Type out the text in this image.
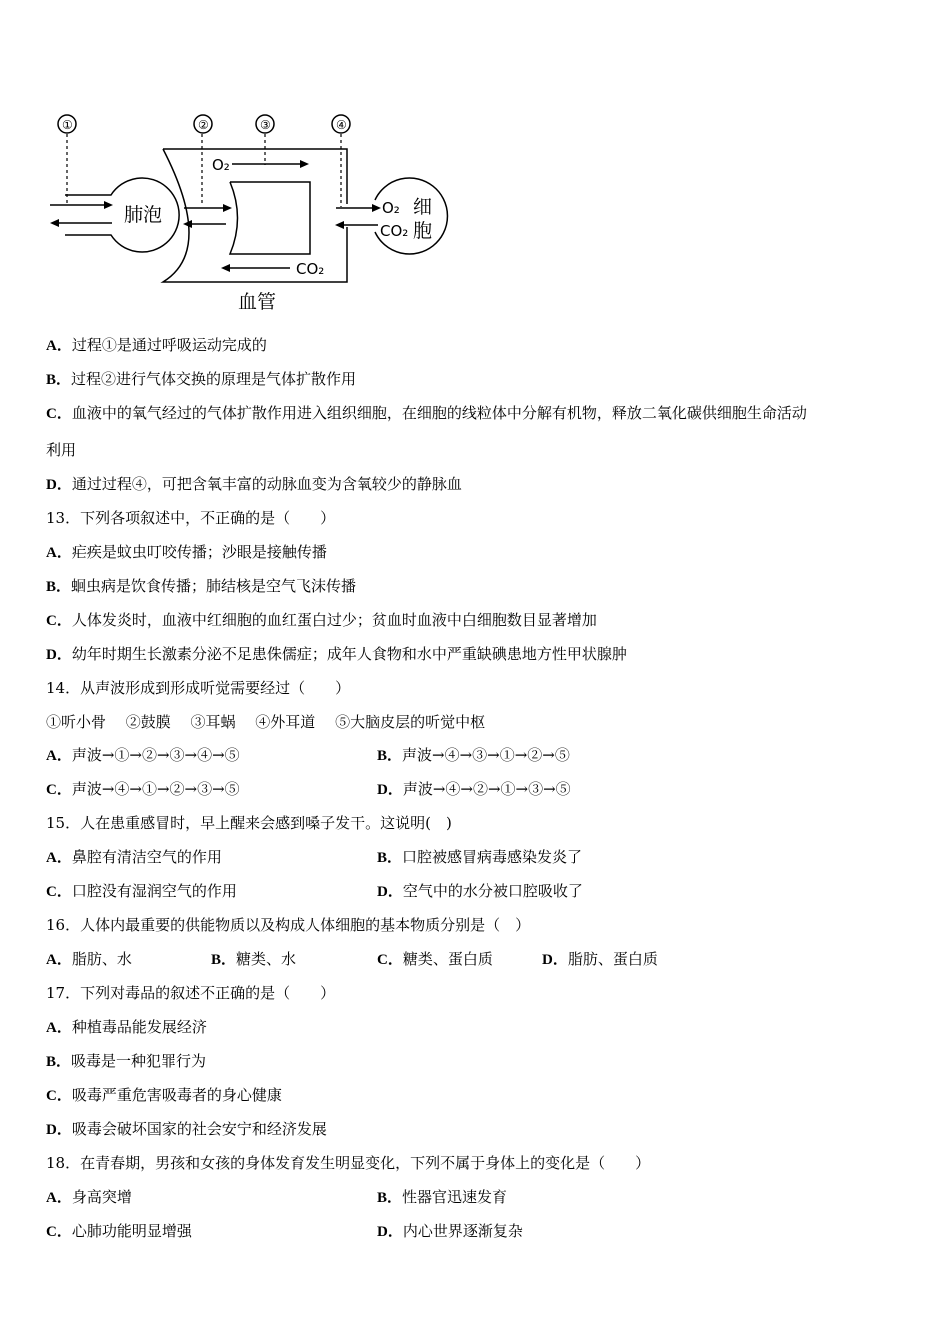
①	②	③	④
肺泡
血管
O₂
CO₂
O₂
CO₂
细
胞
A．过程①是通过呼吸运动完成的
B．过程②进行气体交换的原理是气体扩散作用
C．血液中的氧气经过的气体扩散作用进入组织细胞，在细胞的线粒体中分解有机物，释放二氧化碳供细胞生命活动
利用
D．通过过程④，可把含氧丰富的动脉血变为含氧较少的静脉血
13．下列各项叙述中，不正确的是（　　）
A．疟疾是蚊虫叮咬传播；沙眼是接触传播
B．蛔虫病是饮食传播；肺结核是空气飞沫传播
C．人体发炎时，血液中红细胞的血红蛋白过少；贫血时血液中白细胞数目显著增加
D．幼年时期生长激素分泌不足患侏儒症；成年人食物和水中严重缺碘患地方性甲状腺肿
14．从声波形成到形成听觉需要经过（　　）
①听小骨　 ②鼓膜　 ③耳蜗　 ④外耳道　 ⑤大脑皮层的听觉中枢
A．声波→①→②→③→④→⑤	B．声波→④→③→①→②→⑤
C．声波→④→①→②→③→⑤	D．声波→④→②→①→③→⑤
15．人在患重感冒时，早上醒来会感到嗓子发干。这说明(　)
A．鼻腔有清洁空气的作用	B．口腔被感冒病毒感染发炎了
C．口腔没有湿润空气的作用	D．空气中的水分被口腔吸收了
16．人体内最重要的供能物质以及构成人体细胞的基本物质分别是（　）
A．脂肪、水	B．糖类、水	C．糖类、蛋白质	D．脂肪、蛋白质
17．下列对毒品的叙述不正确的是（　　）
A．种植毒品能发展经济
B．吸毒是一种犯罪行为
C．吸毒严重危害吸毒者的身心健康
D．吸毒会破坏国家的社会安宁和经济发展
18．在青春期，男孩和女孩的身体发育发生明显变化，下列不属于身体上的变化是（　　）
A．身高突增	B．性器官迅速发育
C．心肺功能明显增强	D．内心世界逐渐复杂
